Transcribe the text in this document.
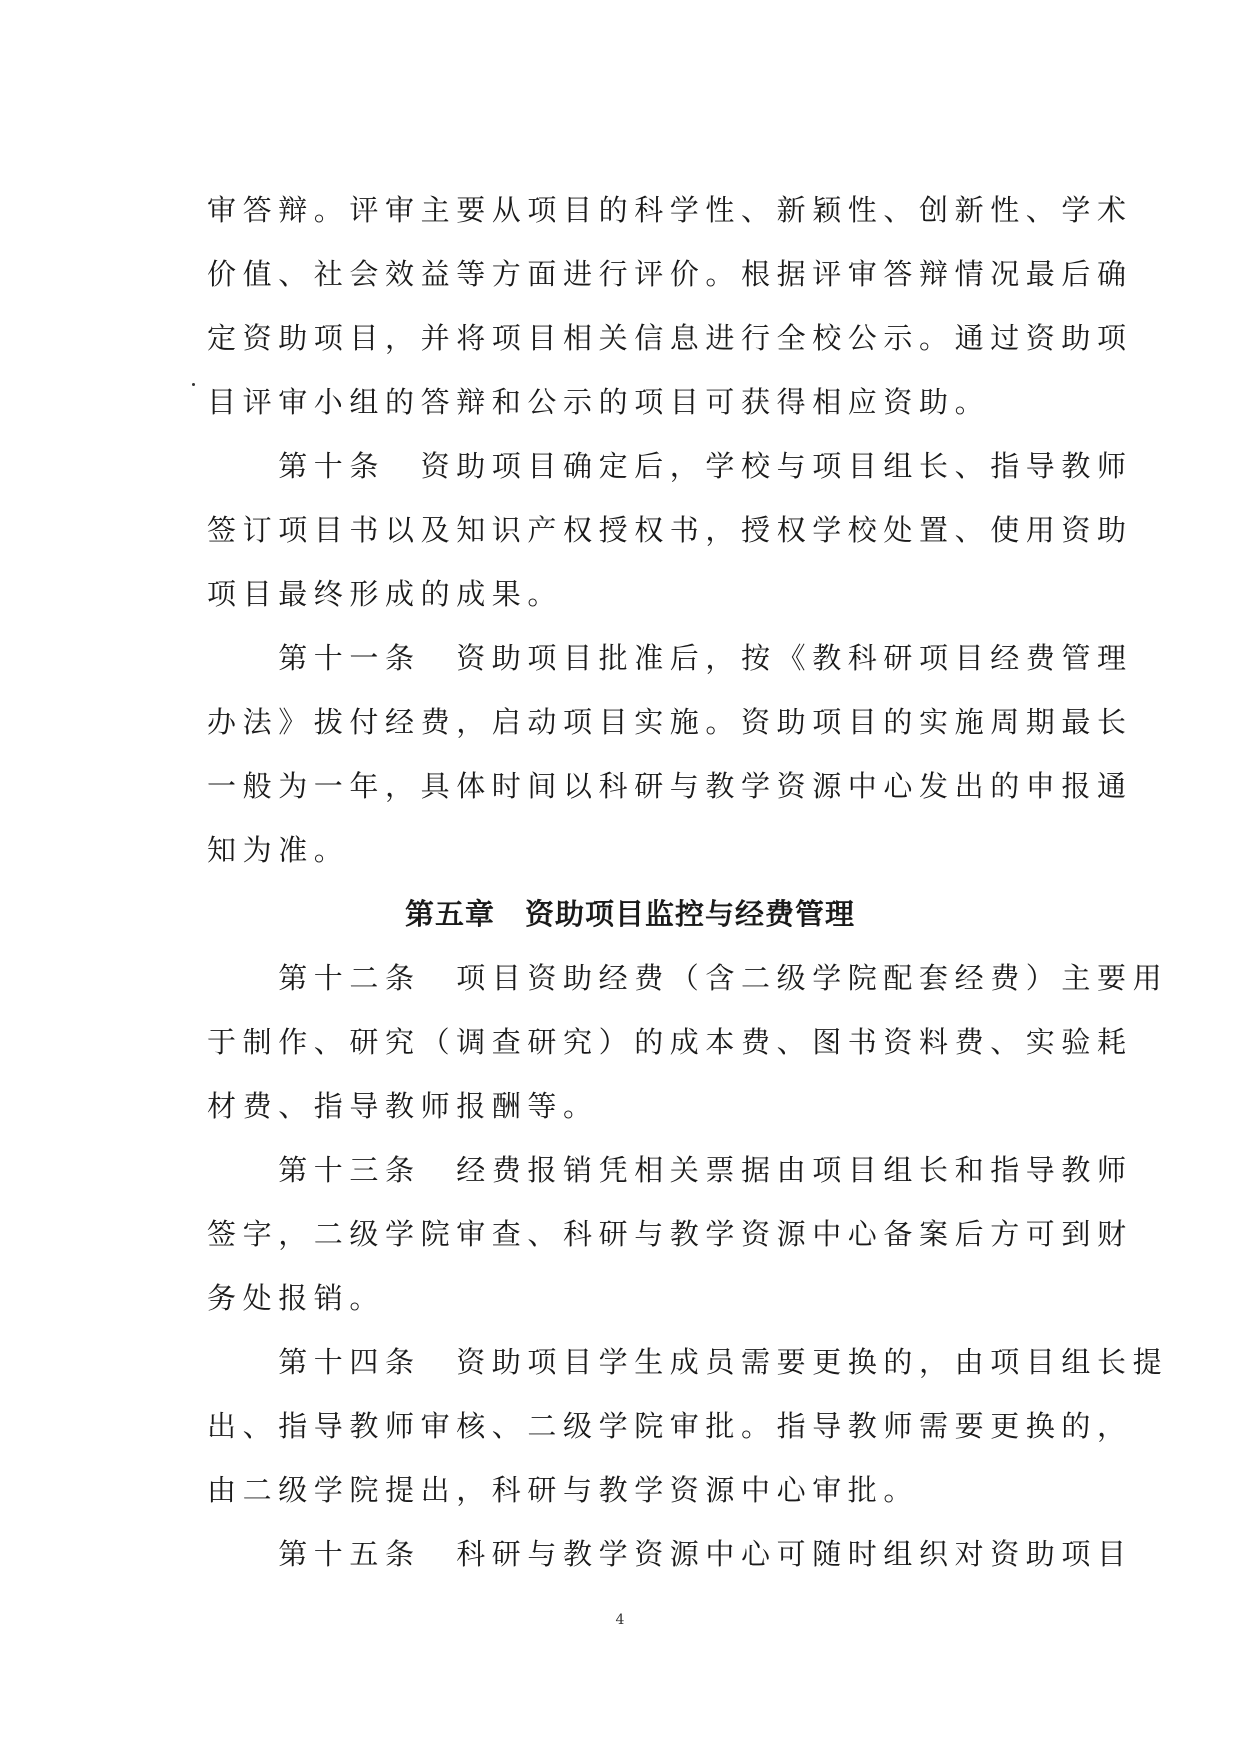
审答辩。评审主要从项目的科学性、新颖性、创新性、学术
价值、社会效益等方面进行评价。根据评审答辩情况最后确
定资助项目，并将项目相关信息进行全校公示。通过资助项
目评审小组的答辩和公示的项目可获得相应资助。
　　第十条　资助项目确定后，学校与项目组长、指导教师
签订项目书以及知识产权授权书，授权学校处置、使用资助
项目最终形成的成果。
　　第十一条　资助项目批准后，按《教科研项目经费管理
办法》拔付经费，启动项目实施。资助项目的实施周期最长
一般为一年，具体时间以科研与教学资源中心发出的申报通
知为准。
第五章　资助项目监控与经费管理
　　第十二条　项目资助经费（含二级学院配套经费）主要用
于制作、研究（调查研究）的成本费、图书资料费、实验耗
材费、指导教师报酬等。
　　第十三条　经费报销凭相关票据由项目组长和指导教师
签字，二级学院审查、科研与教学资源中心备案后方可到财
务处报销。
　　第十四条　资助项目学生成员需要更换的，由项目组长提
出、指导教师审核、二级学院审批。指导教师需要更换的，
由二级学院提出，科研与教学资源中心审批。
　　第十五条　科研与教学资源中心可随时组织对资助项目
4
